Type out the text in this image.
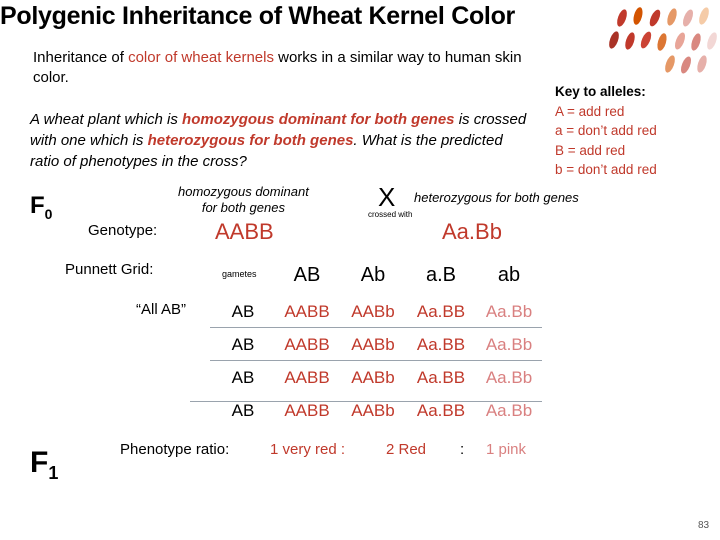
Polygenic Inheritance of Wheat Kernel Color
Inheritance of color of wheat kernels works in a similar way to human skin color.
A wheat plant which is homozygous dominant for both genes is crossed with one which is heterozygous for both genes. What is the predicted ratio of phenotypes in the cross?
Key to alleles:
A = add red
a = don’t add red
B = add red
b = don’t add red
$F_0$
homozygous dominant
for both genes	X
crossed with
heterozygous for both genes
Genotype:	AABB	Aa.Bb
Punnett Grid:	gametes
“All AB”
AB	Ab	a.B	ab
AB	AABB	AABb	Aa.BB	Aa.Bb
AB	AABB	AABb	Aa.BB	Aa.Bb
AB	AABB	AABb	Aa.BB	Aa.Bb
AB	AABB	AABb	Aa.BB	Aa.Bb
$F_1$
Phenotype ratio:	1 very red :	2 Red : 1 pink
83
